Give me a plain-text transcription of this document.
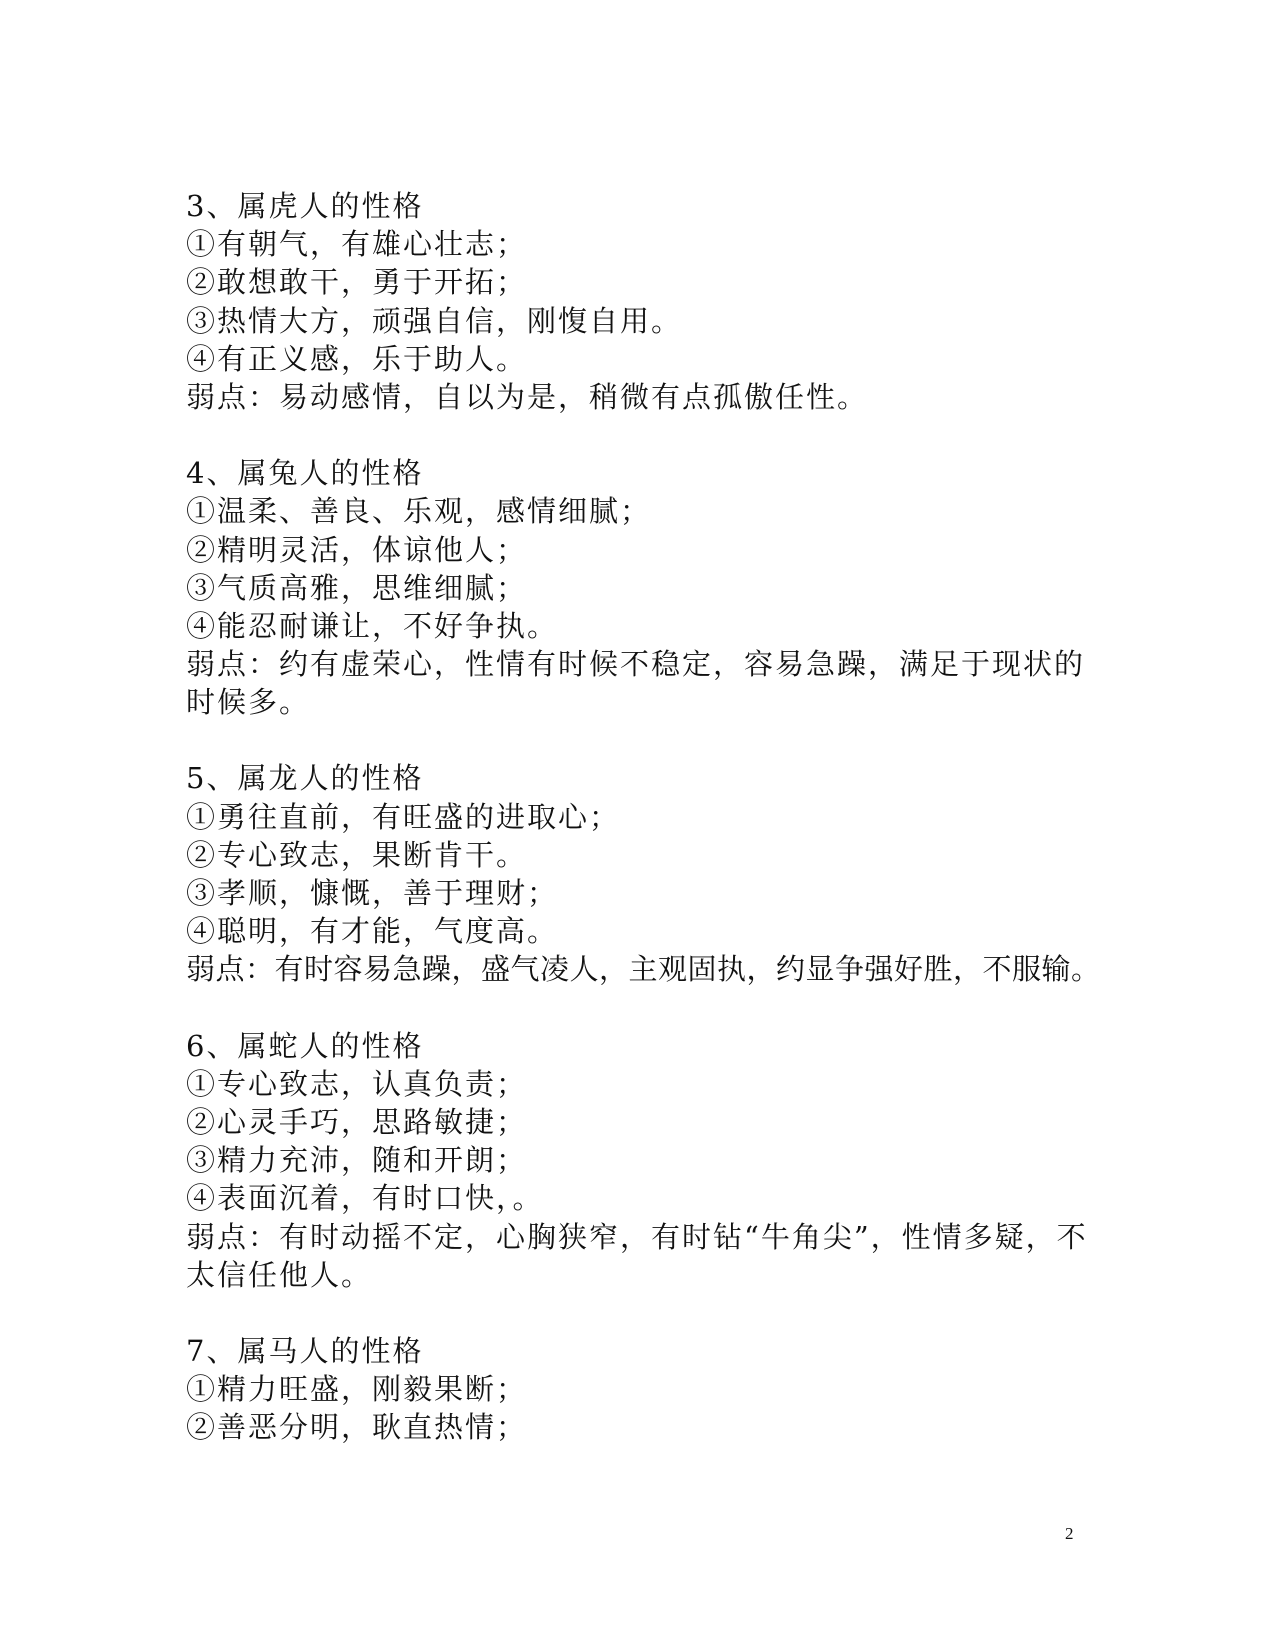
3、属虎人的性格
①有朝气，有雄心壮志；
②敢想敢干，勇于开拓；
③热情大方，顽强自信，刚愎自用。
④有正义感，乐于助人。
弱点：易动感情，自以为是，稍微有点孤傲任性。
4、属兔人的性格
①温柔、善良、乐观，感情细腻；
②精明灵活，体谅他人；
③气质高雅，思维细腻；
④能忍耐谦让，不好争执。
弱点：约有虚荣心，性情有时候不稳定，容易急躁，满足于现状的时候多。
5、属龙人的性格
①勇往直前，有旺盛的进取心；
②专心致志，果断肯干。
③孝顺，慷慨，善于理财；
④聪明，有才能，气度高。
弱点：有时容易急躁，盛气凌人，主观固执，约显争强好胜，不服输。
6、属蛇人的性格
①专心致志，认真负责；
②心灵手巧，思路敏捷；
③精力充沛，随和开朗；
④表面沉着，有时口快，。
弱点：有时动摇不定，心胸狭窄，有时钻“牛角尖”，性情多疑，不太信任他人。
7、属马人的性格
①精力旺盛，刚毅果断；
②善恶分明，耿直热情；
2
